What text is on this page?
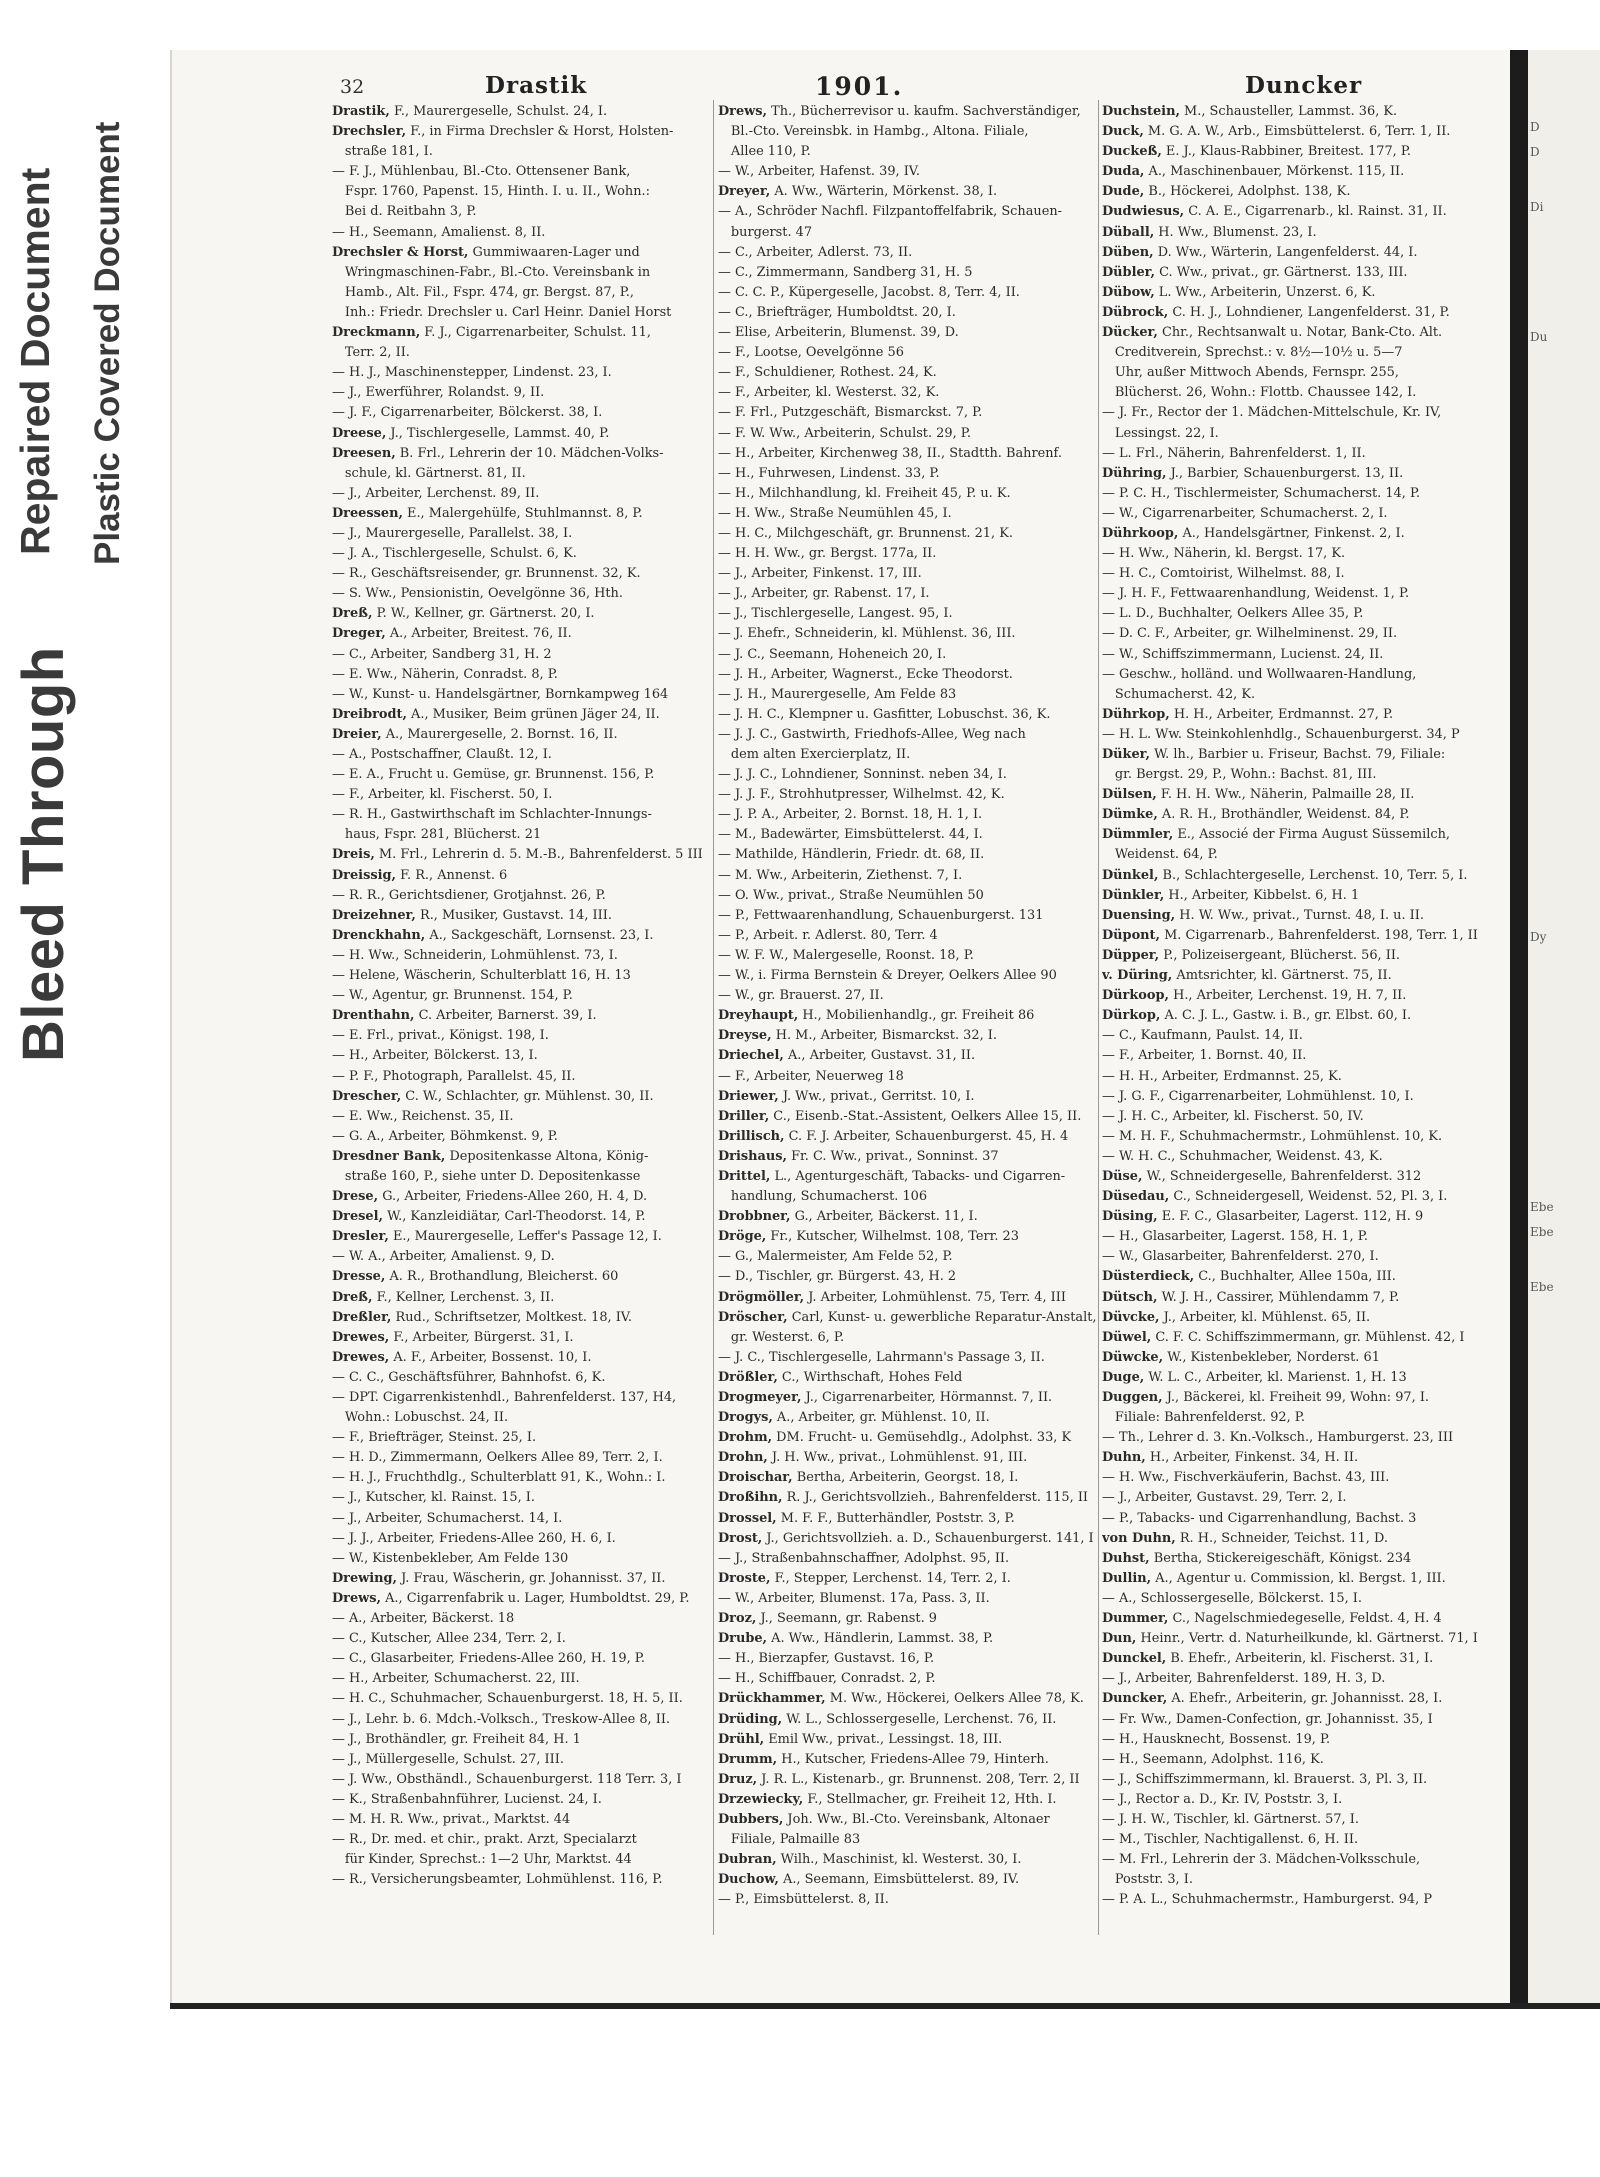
Bleed Through
Repaired Document Plastic Covered Document
32	Drastik	1901.	Duncker
Drastik, F., Maurergeselle, Schulst. 24, I.
Drechsler, F., in Firma Drechsler & Horst, Holsten-
 straße 181, I.
— F. J., Mühlenbau, Bl.-Cto. Ottensener Bank,
 Fspr. 1760, Papenst. 15, Hinth. I. u. II., Wohn.:
 Bei d. Reitbahn 3, P.
— H., Seemann, Amalienst. 8, II.
Drechsler & Horst, Gummiwaaren-Lager und
 Wringmaschinen-Fabr., Bl.-Cto. Vereinsbank in
 Hamb., Alt. Fil., Fspr. 474, gr. Bergst. 87, P.,
 Inh.: Friedr. Drechsler u. Carl Heinr. Daniel Horst
Dreckmann, F. J., Cigarrenarbeiter, Schulst. 11,
 Terr. 2, II.
— H. J., Maschinenstepper, Lindenst. 23, I.
— J., Ewerführer, Rolandst. 9, II.
— J. F., Cigarrenarbeiter, Bölckerst. 38, I.
Dreese, J., Tischlergeselle, Lammst. 40, P.
Dreesen, B. Frl., Lehrerin der 10. Mädchen-Volks-
 schule, kl. Gärtnerst. 81, II.
— J., Arbeiter, Lerchenst. 89, II.
Dreessen, E., Malergehülfe, Stuhlmannst. 8, P.
— J., Maurergeselle, Parallelst. 38, I.
— J. A., Tischlergeselle, Schulst. 6, K.
— R., Geschäftsreisender, gr. Brunnenst. 32, K.
— S. Ww., Pensionistin, Oevelgönne 36, Hth.
Dreß, P. W., Kellner, gr. Gärtnerst. 20, I.
Dreger, A., Arbeiter, Breitest. 76, II.
— C., Arbeiter, Sandberg 31, H. 2
— E. Ww., Näherin, Conradst. 8, P.
— W., Kunst- u. Handelsgärtner, Bornkampweg 164
Dreibrodt, A., Musiker, Beim grünen Jäger 24, II.
Dreier, A., Maurergeselle, 2. Bornst. 16, II.
— A., Postschaffner, Claußt. 12, I.
— E. A., Frucht u. Gemüse, gr. Brunnenst. 156, P.
— F., Arbeiter, kl. Fischerst. 50, I.
— R. H., Gastwirthschaft im Schlachter-Innungs-
 haus, Fspr. 281, Blücherst. 21
Dreis, M. Frl., Lehrerin d. 5. M.-B., Bahrenfelderst. 5 III
Dreissig, F. R., Annenst. 6
— R. R., Gerichtsdiener, Grotjahnst. 26, P.
Dreizehner, R., Musiker, Gustavst. 14, III.
Drenckhahn, A., Sackgeschäft, Lornsenst. 23, I.
— H. Ww., Schneiderin, Lohmühlenst. 73, I.
— Helene, Wäscherin, Schulterblatt 16, H. 13
— W., Agentur, gr. Brunnenst. 154, P.
Drenthahn, C. Arbeiter, Barnerst. 39, I.
— E. Frl., privat., Königst. 198, I.
— H., Arbeiter, Bölckerst. 13, I.
— P. F., Photograph, Parallelst. 45, II.
Drescher, C. W., Schlachter, gr. Mühlenst. 30, II.
— E. Ww., Reichenst. 35, II.
— G. A., Arbeiter, Böhmkenst. 9, P.
Dresdner Bank, Depositenkasse Altona, König-
 straße 160, P., siehe unter D. Depositenkasse
Drese, G., Arbeiter, Friedens-Allee 260, H. 4, D.
Dresel, W., Kanzleidiätar, Carl-Theodorst. 14, P.
Dresler, E., Maurergeselle, Leffer's Passage 12, I.
— W. A., Arbeiter, Amalienst. 9, D.
Dresse, A. R., Brothandlung, Bleicherst. 60
Dreß, F., Kellner, Lerchenst. 3, II.
Dreßler, Rud., Schriftsetzer, Moltkest. 18, IV.
Drewes, F., Arbeiter, Bürgerst. 31, I.
Drewes, A. F., Arbeiter, Bossenst. 10, I.
— C. C., Geschäftsführer, Bahnhofst. 6, K.
— DPT. Cigarrenkistenhdl., Bahrenfelderst. 137, H4,
 Wohn.: Lobuschst. 24, II.
— F., Briefträger, Steinst. 25, I.
— H. D., Zimmermann, Oelkers Allee 89, Terr. 2, I.
— H. J., Fruchthdlg., Schulterblatt 91, K., Wohn.: I.
— J., Kutscher, kl. Rainst. 15, I.
— J., Arbeiter, Schumacherst. 14, I.
— J. J., Arbeiter, Friedens-Allee 260, H. 6, I.
— W., Kistenbekleber, Am Felde 130
Drewing, J. Frau, Wäscherin, gr. Johannisst. 37, II.
Drews, A., Cigarrenfabrik u. Lager, Humboldtst. 29, P.
— A., Arbeiter, Bäckerst. 18
— C., Kutscher, Allee 234, Terr. 2, I.
— C., Glasarbeiter, Friedens-Allee 260, H. 19, P.
— H., Arbeiter, Schumacherst. 22, III.
— H. C., Schuhmacher, Schauenburgerst. 18, H. 5, II.
— J., Lehr. b. 6. Mdch.-Volksch., Treskow-Allee 8, II.
— J., Brothändler, gr. Freiheit 84, H. 1
— J., Müllergeselle, Schulst. 27, III.
— J. Ww., Obsthändl., Schauenburgerst. 118 Terr. 3, I
— K., Straßenbahnführer, Lucienst. 24, I.
— M. H. R. Ww., privat., Marktst. 44
— R., Dr. med. et chir., prakt. Arzt, Specialarzt
 für Kinder, Sprechst.: 1—2 Uhr, Marktst. 44
— R., Versicherungsbeamter, Lohmühlenst. 116, P.
Drews, Th., Bücherrevisor u. kaufm. Sachverständiger,
 Bl.-Cto. Vereinsbk. in Hambg., Altona. Filiale,
 Allee 110, P.
— W., Arbeiter, Hafenst. 39, IV.
Dreyer, A. Ww., Wärterin, Mörkenst. 38, I.
— A., Schröder Nachfl. Filzpantoffelfabrik, Schauen-
 burgerst. 47
— C., Arbeiter, Adlerst. 73, II.
— C., Zimmermann, Sandberg 31, H. 5
— C. C. P., Küpergeselle, Jacobst. 8, Terr. 4, II.
— C., Briefträger, Humboldtst. 20, I.
— Elise, Arbeiterin, Blumenst. 39, D.
— F., Lootse, Oevelgönne 56
— F., Schuldiener, Rothest. 24, K.
— F., Arbeiter, kl. Westerst. 32, K.
— F. Frl., Putzgeschäft, Bismarckst. 7, P.
— F. W. Ww., Arbeiterin, Schulst. 29, P.
— H., Arbeiter, Kirchenweg 38, II., Stadtth. Bahrenf.
— H., Fuhrwesen, Lindenst. 33, P.
— H., Milchhandlung, kl. Freiheit 45, P. u. K.
— H. Ww., Straße Neumühlen 45, I.
— H. C., Milchgeschäft, gr. Brunnenst. 21, K.
— H. H. Ww., gr. Bergst. 177a, II.
— J., Arbeiter, Finkenst. 17, III.
— J., Arbeiter, gr. Rabenst. 17, I.
— J., Tischlergeselle, Langest. 95, I.
— J. Ehefr., Schneiderin, kl. Mühlenst. 36, III.
— J. C., Seemann, Hoheneich 20, I.
— J. H., Arbeiter, Wagnerst., Ecke Theodorst.
— J. H., Maurergeselle, Am Felde 83
— J. H. C., Klempner u. Gasfitter, Lobuschst. 36, K.
— J. J. C., Gastwirth, Friedhofs-Allee, Weg nach
 dem alten Exercierplatz, II.
— J. J. C., Lohndiener, Sonninst. neben 34, I.
— J. J. F., Strohhutpresser, Wilhelmst. 42, K.
— J. P. A., Arbeiter, 2. Bornst. 18, H. 1, I.
— M., Badewärter, Eimsbüttelerst. 44, I.
— Mathilde, Händlerin, Friedr. dt. 68, II.
— M. Ww., Arbeiterin, Ziethenst. 7, I.
— O. Ww., privat., Straße Neumühlen 50
— P., Fettwaarenhandlung, Schauenburgerst. 131
— P., Arbeit. r. Adlerst. 80, Terr. 4
— W. F. W., Malergeselle, Roonst. 18, P.
— W., i. Firma Bernstein & Dreyer, Oelkers Allee 90
— W., gr. Brauerst. 27, II.
Dreyhaupt, H., Mobilienhandlg., gr. Freiheit 86
Dreyse, H. M., Arbeiter, Bismarckst. 32, I.
Driechel, A., Arbeiter, Gustavst. 31, II.
— F., Arbeiter, Neuerweg 18
Driewer, J. Ww., privat., Gerritst. 10, I.
Driller, C., Eisenb.-Stat.-Assistent, Oelkers Allee 15, II.
Drillisch, C. F. J. Arbeiter, Schauenburgerst. 45, H. 4
Drishaus, Fr. C. Ww., privat., Sonninst. 37
Drittel, L., Agenturgeschäft, Tabacks- und Cigarren-
 handlung, Schumacherst. 106
Drobbner, G., Arbeiter, Bäckerst. 11, I.
Dröge, Fr., Kutscher, Wilhelmst. 108, Terr. 23
— G., Malermeister, Am Felde 52, P.
— D., Tischler, gr. Bürgerst. 43, H. 2
Drögmöller, J. Arbeiter, Lohmühlenst. 75, Terr. 4, III
Dröscher, Carl, Kunst- u. gewerbliche Reparatur-Anstalt,
 gr. Westerst. 6, P.
— J. C., Tischlergeselle, Lahrmann's Passage 3, II.
Drößler, C., Wirthschaft, Hohes Feld
Drogmeyer, J., Cigarrenarbeiter, Hörmannst. 7, II.
Drogys, A., Arbeiter, gr. Mühlenst. 10, II.
Drohm, DM. Frucht- u. Gemüsehdlg., Adolphst. 33, K
Drohn, J. H. Ww., privat., Lohmühlenst. 91, III.
Droischar, Bertha, Arbeiterin, Georgst. 18, I.
Droßihn, R. J., Gerichtsvollzieh., Bahrenfelderst. 115, II
Drossel, M. F. F., Butterhändler, Poststr. 3, P.
Drost, J., Gerichtsvollzieh. a. D., Schauenburgerst. 141, I
— J., Straßenbahnschaffner, Adolphst. 95, II.
Droste, F., Stepper, Lerchenst. 14, Terr. 2, I.
— W., Arbeiter, Blumenst. 17a, Pass. 3, II.
Droz, J., Seemann, gr. Rabenst. 9
Drube, A. Ww., Händlerin, Lammst. 38, P.
— H., Bierzapfer, Gustavst. 16, P.
— H., Schiffbauer, Conradst. 2, P.
Drückhammer, M. Ww., Höckerei, Oelkers Allee 78, K.
Drüding, W. L., Schlossergeselle, Lerchenst. 76, II.
Drühl, Emil Ww., privat., Lessingst. 18, III.
Drumm, H., Kutscher, Friedens-Allee 79, Hinterh.
Druz, J. R. L., Kistenarb., gr. Brunnenst. 208, Terr. 2, II
Drzewiecky, F., Stellmacher, gr. Freiheit 12, Hth. I.
Dubbers, Joh. Ww., Bl.-Cto. Vereinsbank, Altonaer
 Filiale, Palmaille 83
Dubran, Wilh., Maschinist, kl. Westerst. 30, I.
Duchow, A., Seemann, Eimsbüttelerst. 89, IV.
— P., Eimsbüttelerst. 8, II.
Duchstein, M., Schausteller, Lammst. 36, K.
Duck, M. G. A. W., Arb., Eimsbüttelerst. 6, Terr. 1, II.
Duckeß, E. J., Klaus-Rabbiner, Breitest. 177, P.
Duda, A., Maschinenbauer, Mörkenst. 115, II.
Dude, B., Höckerei, Adolphst. 138, K.
Dudwiesus, C. A. E., Cigarrenarb., kl. Rainst. 31, II.
Düball, H. Ww., Blumenst. 23, I.
Düben, D. Ww., Wärterin, Langenfelderst. 44, I.
Dübler, C. Ww., privat., gr. Gärtnerst. 133, III.
Dübow, L. Ww., Arbeiterin, Unzerst. 6, K.
Dübrock, C. H. J., Lohndiener, Langenfelderst. 31, P.
Dücker, Chr., Rechtsanwalt u. Notar, Bank-Cto. Alt.
 Creditverein, Sprechst.: v. 8½—10½ u. 5—7
 Uhr, außer Mittwoch Abends, Fernspr. 255,
 Blücherst. 26, Wohn.: Flottb. Chaussee 142, I.
— J. Fr., Rector der 1. Mädchen-Mittelschule, Kr. IV,
 Lessingst. 22, I.
— L. Frl., Näherin, Bahrenfelderst. 1, II.
Dühring, J., Barbier, Schauenburgerst. 13, II.
— P. C. H., Tischlermeister, Schumacherst. 14, P.
— W., Cigarrenarbeiter, Schumacherst. 2, I.
Dührkoop, A., Handelsgärtner, Finkenst. 2, I.
— H. Ww., Näherin, kl. Bergst. 17, K.
— H. C., Comtoirist, Wilhelmst. 88, I.
— J. H. F., Fettwaarenhandlung, Weidenst. 1, P.
— L. D., Buchhalter, Oelkers Allee 35, P.
— D. C. F., Arbeiter, gr. Wilhelminenst. 29, II.
— W., Schiffszimmermann, Lucienst. 24, II.
— Geschw., holländ. und Wollwaaren-Handlung,
 Schumacherst. 42, K.
Dührkop, H. H., Arbeiter, Erdmannst. 27, P.
— H. L. Ww. Steinkohlenhdlg., Schauenburgerst. 34, P
Düker, W. lh., Barbier u. Friseur, Bachst. 79, Filiale:
 gr. Bergst. 29, P., Wohn.: Bachst. 81, III.
Dülsen, F. H. H. Ww., Näherin, Palmaille 28, II.
Dümke, A. R. H., Brothändler, Weidenst. 84, P.
Dümmler, E., Associé der Firma August Süssemilch,
 Weidenst. 64, P.
Dünkel, B., Schlachtergeselle, Lerchenst. 10, Terr. 5, I.
Dünkler, H., Arbeiter, Kibbelst. 6, H. 1
Duensing, H. W. Ww., privat., Turnst. 48, I. u. II.
Düpont, M. Cigarrenarb., Bahrenfelderst. 198, Terr. 1, II
Düpper, P., Polizeisergeant, Blücherst. 56, II.
v. Düring, Amtsrichter, kl. Gärtnerst. 75, II.
Dürkoop, H., Arbeiter, Lerchenst. 19, H. 7, II.
Dürkop, A. C. J. L., Gastw. i. B., gr. Elbst. 60, I.
— C., Kaufmann, Paulst. 14, II.
— F., Arbeiter, 1. Bornst. 40, II.
— H. H., Arbeiter, Erdmannst. 25, K.
— J. G. F., Cigarrenarbeiter, Lohmühlenst. 10, I.
— J. H. C., Arbeiter, kl. Fischerst. 50, IV.
— M. H. F., Schuhmachermstr., Lohmühlenst. 10, K.
— W. H. C., Schuhmacher, Weidenst. 43, K.
Düse, W., Schneidergeselle, Bahrenfelderst. 312
Düsedau, C., Schneidergesell, Weidenst. 52, Pl. 3, I.
Düsing, E. F. C., Glasarbeiter, Lagerst. 112, H. 9
— H., Glasarbeiter, Lagerst. 158, H. 1, P.
— W., Glasarbeiter, Bahrenfelderst. 270, I.
Düsterdieck, C., Buchhalter, Allee 150a, III.
Dütsch, W. J. H., Cassirer, Mühlendamm 7, P.
Düvcke, J., Arbeiter, kl. Mühlenst. 65, II.
Düwel, C. F. C. Schiffszimmermann, gr. Mühlenst. 42, I
Düwcke, W., Kistenbekleber, Norderst. 61
Duge, W. L. C., Arbeiter, kl. Marienst. 1, H. 13
Duggen, J., Bäckerei, kl. Freiheit 99, Wohn: 97, I.
 Filiale: Bahrenfelderst. 92, P.
— Th., Lehrer d. 3. Kn.-Volksch., Hamburgerst. 23, III
Duhn, H., Arbeiter, Finkenst. 34, H. II.
— H. Ww., Fischverkäuferin, Bachst. 43, III.
— J., Arbeiter, Gustavst. 29, Terr. 2, I.
— P., Tabacks- und Cigarrenhandlung, Bachst. 3
von Duhn, R. H., Schneider, Teichst. 11, D.
Duhst, Bertha, Stickereigeschäft, Königst. 234
Dullin, A., Agentur u. Commission, kl. Bergst. 1, III.
— A., Schlossergeselle, Bölckerst. 15, I.
Dummer, C., Nagelschmiedegeselle, Feldst. 4, H. 4
Dun, Heinr., Vertr. d. Naturheilkunde, kl. Gärtnerst. 71, I
Dunckel, B. Ehefr., Arbeiterin, kl. Fischerst. 31, I.
— J., Arbeiter, Bahrenfelderst. 189, H. 3, D.
Duncker, A. Ehefr., Arbeiterin, gr. Johannisst. 28, I.
— Fr. Ww., Damen-Confection, gr. Johannisst. 35, I
— H., Hausknecht, Bossenst. 19, P.
— H., Seemann, Adolphst. 116, K.
— J., Schiffszimmermann, kl. Brauerst. 3, Pl. 3, II.
— J., Rector a. D., Kr. IV, Poststr. 3, I.
— J. H. W., Tischler, kl. Gärtnerst. 57, I.
— M., Tischler, Nachtigallenst. 6, H. II.
— M. Frl., Lehrerin der 3. Mädchen-Volksschule,
 Poststr. 3, I.
— P. A. L., Schuhmachermstr., Hamburgerst. 94, P
D
D
Di
Du
Dy
Ebe
Ebe
Ebe
